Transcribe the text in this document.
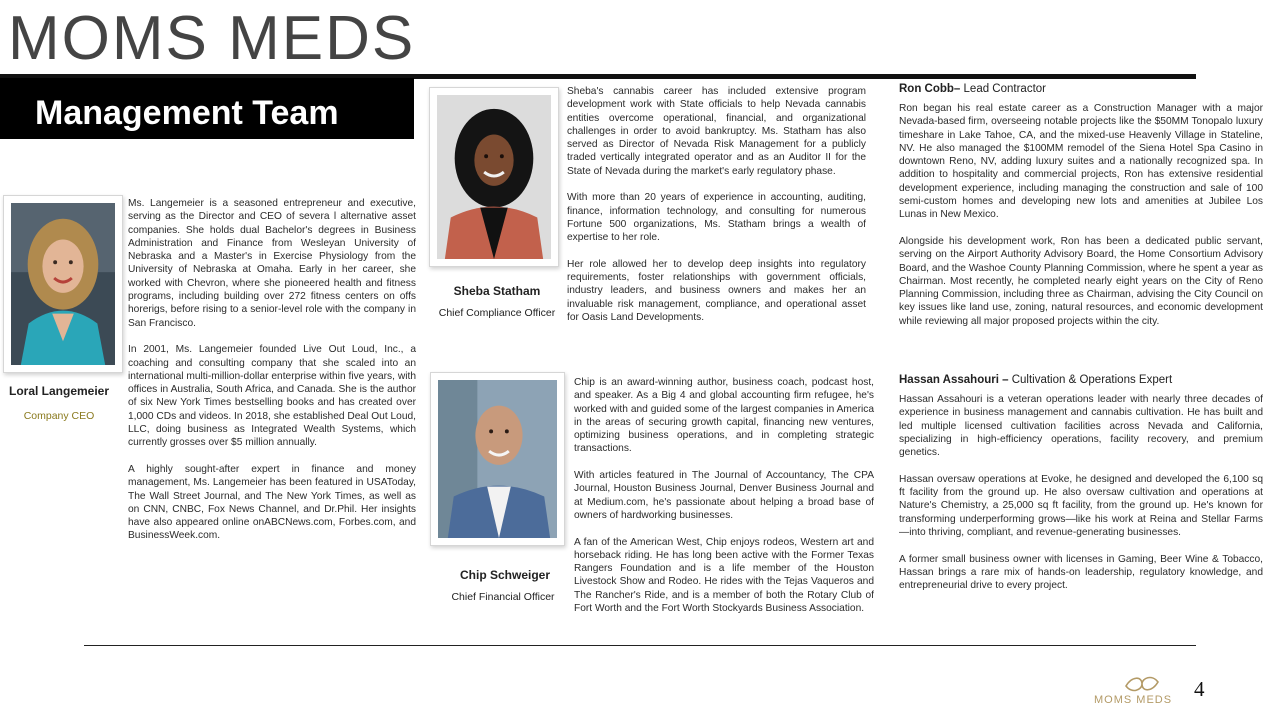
MOMS MEDS
Management Team
Loral Langemeier
Company CEO

Ms. Langemeier is a seasoned entrepreneur and executive, serving as the Director and CEO of severa l alternative asset companies. She holds dual Bachelor's degrees in Business Administration and Finance from Wesleyan University of Nebraska and a Master's in Exercise Physiology from the University of Nebraska at Omaha. Early in her career, she worked with Chevron, where she pioneered health and fitness programs, including building over 272 fitness centers on offs horerigs, before rising to a senior-level role with the company in San Francisco.

In 2001, Ms. Langemeier founded Live Out Loud, Inc., a coaching and consulting company that she scaled into an international multi-million-dollar enterprise within five years, with offices in Australia, South Africa, and Canada. She is the author of six New York Times bestselling books and has created over 1,000 CDs and videos. In 2018, she established Deal Out Loud, LLC, doing business as Integrated Wealth Systems, which currently grosses over $5 million annually.

A highly sought-after expert in finance and money management, Ms. Langemeier has been featured in USAToday, The Wall Street Journal, and The New York Times, as well as on CNN, CNBC, Fox News Channel, and Dr.Phil. Her insights have also appeared online onABCNews.com, Forbes.com, and BusinessWeek.com.

Sheba Statham
Chief Compliance Officer

Sheba's cannabis career has included extensive program development work with State officials to help Nevada cannabis entities overcome operational, financial, and organizational challenges in order to avoid bankruptcy. Ms. Statham has also served as Director of Nevada Risk Management for a publicly traded vertically integrated operator and as an Auditor II for the State of Nevada during the market's early regulatory phase.

With more than 20 years of experience in accounting, auditing, finance, information technology, and consulting for numerous Fortune 500 organizations, Ms. Statham brings a wealth of expertise to her role.

Her role allowed her to develop deep insights into regulatory requirements, foster relationships with government officials, industry leaders, and business owners and makes her an invaluable risk management, compliance, and operational asset for Oasis Land Developments.

Chip Schweiger
Chief Financial Officer

Chip is an award-winning author, business coach, podcast host, and speaker. As a Big 4 and global accounting firm refugee, he's worked with and guided some of the largest companies in America in the areas of securing growth capital, financing new ventures, optimizing business operations, and in completing strategic transactions.

With articles featured in The Journal of Accountancy, The CPA Journal, Houston Business Journal, Denver Business Journal and at Medium.com, he's passionate about helping a broad base of owners of hardworking businesses.

A fan of the American West, Chip enjoys rodeos, Western art and horseback riding. He has long been active with the Former Texas Rangers Foundation and is a life member of the Houston Livestock Show and Rodeo. He rides with the Tejas Vaqueros and The Rancher's Ride, and is a member of both the Rotary Club of Fort Worth and the Fort Worth Stockyards Business Association.

Ron Cobb– Lead Contractor

Ron began his real estate career as a Construction Manager with a major Nevada-based firm, overseeing notable projects like the $50MM Tonopalo luxury timeshare in Lake Tahoe, CA, and the mixed-use Heavenly Village in Stateline, NV. He also managed the $100MM remodel of the Siena Hotel Spa Casino in downtown Reno, NV, adding luxury suites and a nationally recognized spa. In addition to hospitality and commercial projects, Ron has extensive residential development experience, including managing the construction and sale of 100 semi-custom homes and developing new lots and amenities at Jubilee Los Lunas in New Mexico.

Alongside his development work, Ron has been a dedicated public servant, serving on the Airport Authority Advisory Board, the Home Consortium Advisory Board, and the Washoe County Planning Commission, where he spent a year as Chairman. Most recently, he completed nearly eight years on the City of Reno Planning Commission, including three as Chairman, advising the City Council on key issues like land use, zoning, natural resources, and economic development while reviewing all major proposed projects within the city.

Hassan Assahouri – Cultivation & Operations Expert

Hassan Assahouri is a veteran operations leader with nearly three decades of experience in business management and cannabis cultivation. He has built and led multiple licensed cultivation facilities across Nevada and California, specializing in high-efficiency operations, facility recovery, and premium genetics.

Hassan oversaw operations at Evoke, he designed and developed the 6,100 sq ft facility from the ground up. He also oversaw cultivation and operations at Nature's Chemistry, a 25,000 sq ft facility, from the ground up. He's known for transforming underperforming grows—like his work at Reina and Stellar Farms—into thriving, compliant, and revenue-generating businesses.

A former small business owner with licenses in Gaming, Beer Wine & Tobacco, Hassan brings a rare mix of hands-on leadership, regulatory knowledge, and entrepreneurial drive to every project.

MOMS MEDS 4
